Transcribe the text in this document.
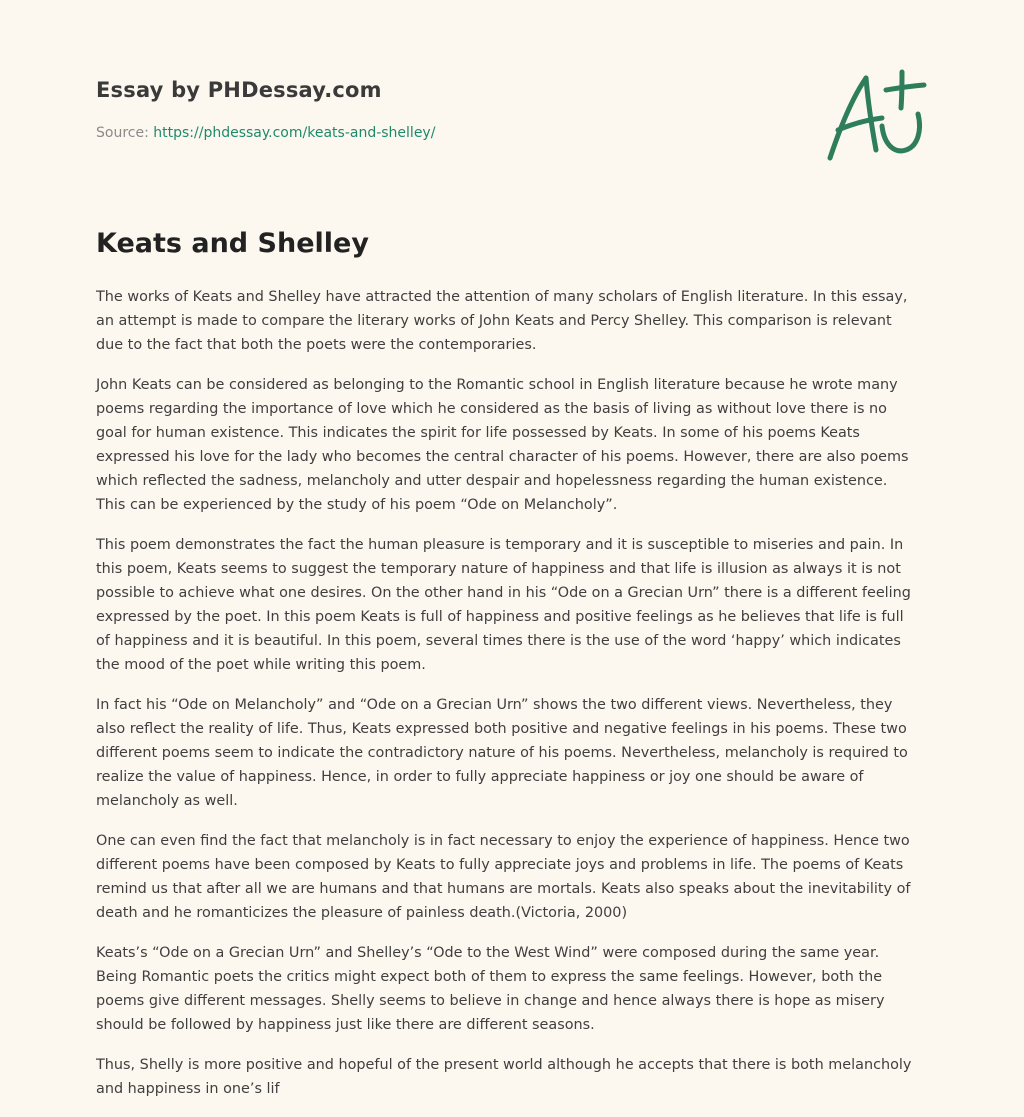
Essay by PHDessay.com
Source: https://phdessay.com/keats-and-shelley/
Keats and Shelley

The works of Keats and Shelley have attracted the attention of many scholars of English literature. In this essay,
an attempt is made to compare the literary works of John Keats and Percy Shelley. This comparison is relevant
due to the fact that both the poets were the contemporaries.

John Keats can be considered as belonging to the Romantic school in English literature because he wrote many
poems regarding the importance of love which he considered as the basis of living as without love there is no
goal for human existence. This indicates the spirit for life possessed by Keats. In some of his poems Keats
expressed his love for the lady who becomes the central character of his poems. However, there are also poems
which reflected the sadness, melancholy and utter despair and hopelessness regarding the human existence.
This can be experienced by the study of his poem “Ode on Melancholy”.

This poem demonstrates the fact the human pleasure is temporary and it is susceptible to miseries and pain. In
this poem, Keats seems to suggest the temporary nature of happiness and that life is illusion as always it is not
possible to achieve what one desires. On the other hand in his “Ode on a Grecian Urn” there is a different feeling
expressed by the poet. In this poem Keats is full of happiness and positive feelings as he believes that life is full
of happiness and it is beautiful. In this poem, several times there is the use of the word ‘happy’ which indicates
the mood of the poet while writing this poem.

In fact his “Ode on Melancholy” and “Ode on a Grecian Urn” shows the two different views. Nevertheless, they
also reflect the reality of life. Thus, Keats expressed both positive and negative feelings in his poems. These two
different poems seem to indicate the contradictory nature of his poems. Nevertheless, melancholy is required to
realize the value of happiness. Hence, in order to fully appreciate happiness or joy one should be aware of
melancholy as well.

One can even find the fact that melancholy is in fact necessary to enjoy the experience of happiness. Hence two
different poems have been composed by Keats to fully appreciate joys and problems in life. The poems of Keats
remind us that after all we are humans and that humans are mortals. Keats also speaks about the inevitability of
death and he romanticizes the pleasure of painless death.(Victoria, 2000)

Keats’s “Ode on a Grecian Urn” and Shelley’s “Ode to the West Wind” were composed during the same year.
Being Romantic poets the critics might expect both of them to express the same feelings. However, both the
poems give different messages. Shelly seems to believe in change and hence always there is hope as misery
should be followed by happiness just like there are different seasons.

Thus, Shelly is more positive and hopeful of the present world although he accepts that there is both melancholy
and happiness in one’s lif
